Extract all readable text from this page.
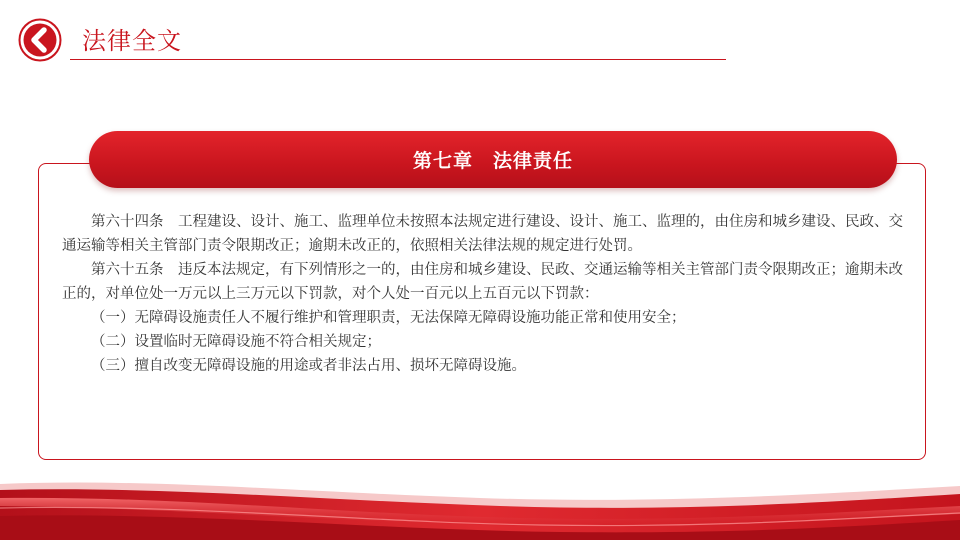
法律全文
第七章　法律责任

第六十四条　工程建设、设计、施工、监理单位未按照本法规定进行建设、设计、施工、监理的，由住房和城乡建设、民政、交通运输等相关主管部门责令限期改正；逾期未改正的，依照相关法律法规的规定进行处罚。

第六十五条　违反本法规定，有下列情形之一的，由住房和城乡建设、民政、交通运输等相关主管部门责令限期改正；逾期未改正的，对单位处一万元以上三万元以下罚款，对个人处一百元以上五百元以下罚款：

（一）无障碍设施责任人不履行维护和管理职责，无法保障无障碍设施功能正常和使用安全；

（二）设置临时无障碍设施不符合相关规定；

（三）擅自改变无障碍设施的用途或者非法占用、损坏无障碍设施。
